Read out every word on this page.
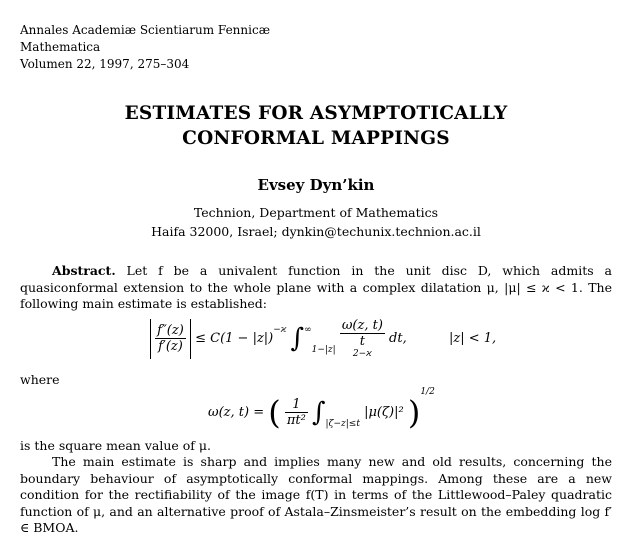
Annales Academiæ Scientiarum Fennicæ
Mathematica
Volumen 22, 1997, 275–304
ESTIMATES FOR ASYMPTOTICALLY
CONFORMAL MAPPINGS
Evsey Dyn’kin
Technion, Department of Mathematics
Haifa 32000, Israel; dynkin@techunix.technion.ac.il
Abstract. Let f be a univalent function in the unit disc D, which admits a quasiconformal extension to the whole plane with a complex dilatation μ, |μ| ≤ ϰ < 1. The following main estimate is established:

$\frac{f''(z)}{f'(z)} \le C(1 - |z|)^{-ϰ}$ $\int^\infty_{1-|z|}$ ω(z, t)
t
2−ϰ dt,	|z| < 1,
where
ω(z, t) = ( $\frac{1}{\text{πt²}} \int_{|\zeta-z|\le t}$ |μ(ζ)|² )$^{1/2}$
is the square mean value of μ.
The main estimate is sharp and implies many new and old results, concerning the boundary behaviour of asymptotically conformal mappings. Among these are a new condition for the rectifiability of the image f(T) in terms of the Littlewood–Paley quadratic function of μ, and an alternative proof of Astala–Zinsmeister’s result on the embedding log f′ ∈ BMOA.
